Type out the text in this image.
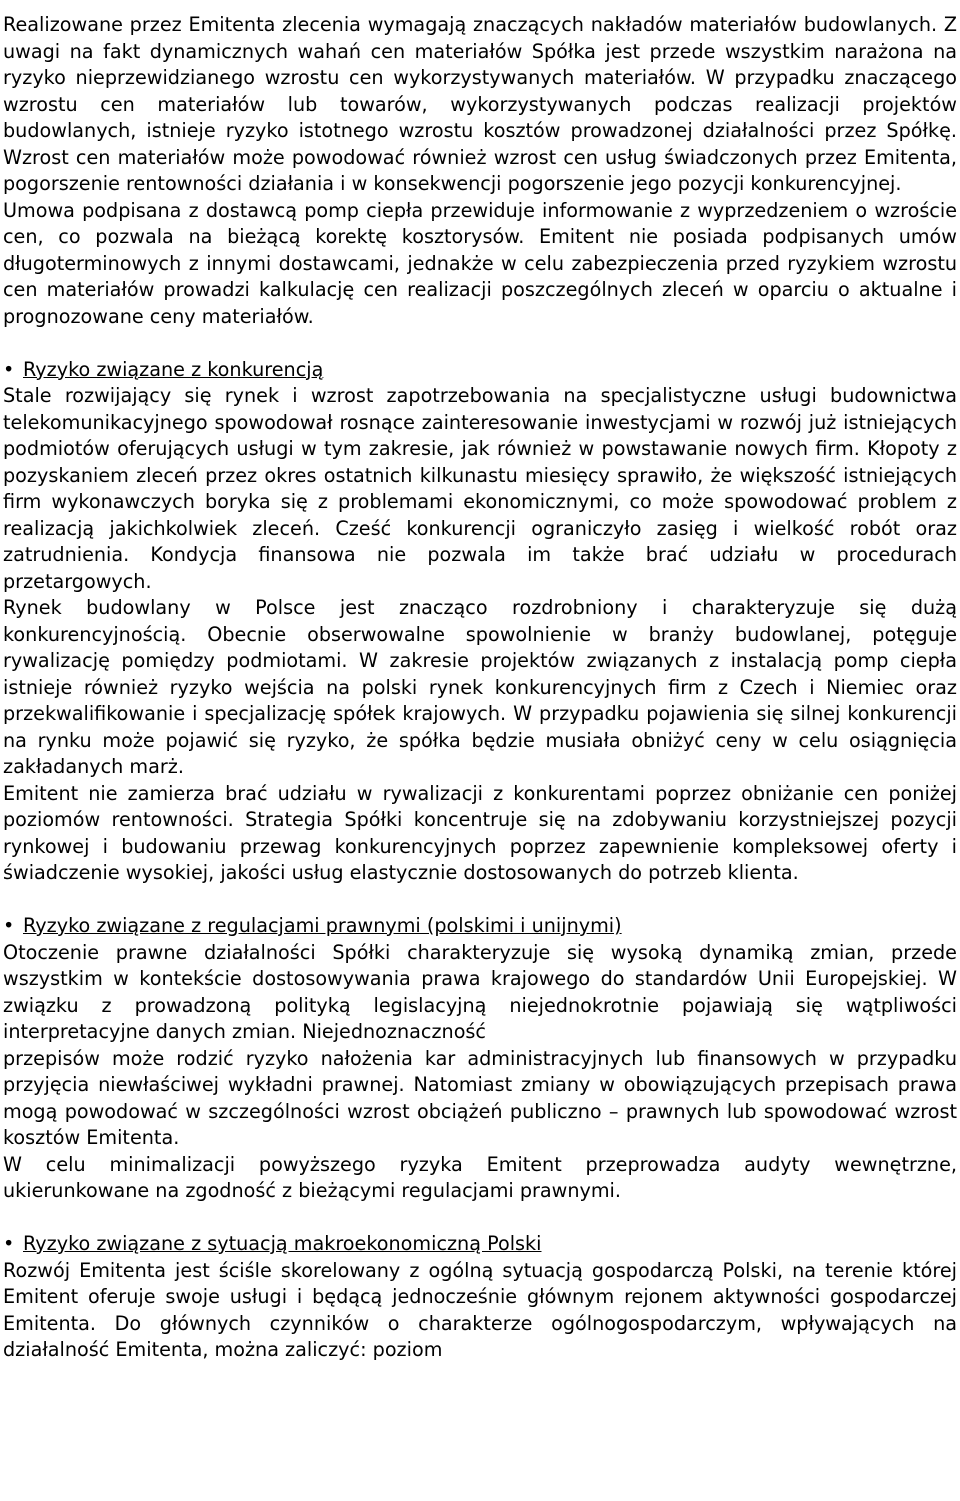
Realizowane przez Emitenta zlecenia wymagają znaczących nakładów materiałów budowlanych. Z uwagi na fakt dynamicznych wahań cen materiałów Spółka jest przede wszystkim narażona na ryzyko nieprzewidzianego wzrostu cen wykorzystywanych materiałów. W przypadku znaczącego wzrostu cen materiałów lub towarów, wykorzystywanych podczas realizacji projektów budowlanych, istnieje ryzyko istotnego wzrostu kosztów prowadzonej działalności przez Spółkę. Wzrost cen materiałów może powodować również wzrost cen usług świadczonych przez Emitenta, pogorszenie rentowności działania i w konsekwencji pogorszenie jego pozycji konkurencyjnej.

Umowa podpisana z dostawcą pomp ciepła przewiduje informowanie z wyprzedzeniem o wzroście cen, co pozwala na bieżącą korektę kosztorysów. Emitent nie posiada podpisanych umów długoterminowych z innymi dostawcami, jednakże w celu zabezpieczenia przed ryzykiem wzrostu cen materiałów prowadzi kalkulację cen realizacji poszczególnych zleceń w oparciu o aktualne i prognozowane ceny materiałów.

• Ryzyko związane z konkurencją

Stale rozwijający się rynek i wzrost zapotrzebowania na specjalistyczne usługi budownictwa telekomunikacyjnego spowodował rosnące zainteresowanie inwestycjami w rozwój już istniejących podmiotów oferujących usługi w tym zakresie, jak również w powstawanie nowych firm. Kłopoty z pozyskaniem zleceń przez okres ostatnich kilkunastu miesięcy sprawiło, że większość istniejących firm wykonawczych boryka się z problemami ekonomicznymi, co może spowodować problem z realizacją jakichkolwiek zleceń. Cześć konkurencji ograniczyło zasięg i wielkość robót oraz zatrudnienia. Kondycja finansowa nie pozwala im także brać udziału w procedurach przetargowych.

Rynek budowlany w Polsce jest znacząco rozdrobniony i charakteryzuje się dużą konkurencyjnością. Obecnie obserwowalne spowolnienie w branży budowlanej, potęguje rywalizację pomiędzy podmiotami. W zakresie projektów związanych z instalacją pomp ciepła istnieje również ryzyko wejścia na polski rynek konkurencyjnych firm z Czech i Niemiec oraz przekwalifikowanie i specjalizację spółek krajowych. W przypadku pojawienia się silnej konkurencji na rynku może pojawić się ryzyko, że spółka będzie musiała obniżyć ceny w celu osiągnięcia zakładanych marż.

Emitent nie zamierza brać udziału w rywalizacji z konkurentami poprzez obniżanie cen poniżej poziomów rentowności. Strategia Spółki koncentruje się na zdobywaniu korzystniejszej pozycji rynkowej i budowaniu przewag konkurencyjnych poprzez zapewnienie kompleksowej oferty i świadczenie wysokiej, jakości usług elastycznie dostosowanych do potrzeb klienta.

• Ryzyko związane z regulacjami prawnymi (polskimi i unijnymi)

Otoczenie prawne działalności Spółki charakteryzuje się wysoką dynamiką zmian, przede wszystkim w kontekście dostosowywania prawa krajowego do standardów Unii Europejskiej. W związku z prowadzoną polityką legislacyjną niejednokrotnie pojawiają się wątpliwości interpretacyjne danych zmian. Niejednoznaczność

przepisów może rodzić ryzyko nałożenia kar administracyjnych lub finansowych w przypadku przyjęcia niewłaściwej wykładni prawnej. Natomiast zmiany w obowiązujących przepisach prawa mogą powodować w szczególności wzrost obciążeń publiczno – prawnych lub spowodować wzrost kosztów Emitenta.

W celu minimalizacji powyższego ryzyka Emitent przeprowadza audyty wewnętrzne, ukierunkowane na zgodność z bieżącymi regulacjami prawnymi.

• Ryzyko związane z sytuacją makroekonomiczną Polski

Rozwój Emitenta jest ściśle skorelowany z ogólną sytuacją gospodarczą Polski, na terenie której Emitent oferuje swoje usługi i będącą jednocześnie głównym rejonem aktywności gospodarczej Emitenta. Do głównych czynników o charakterze ogólnogospodarczym, wpływających na działalność Emitenta, można zaliczyć: poziom
